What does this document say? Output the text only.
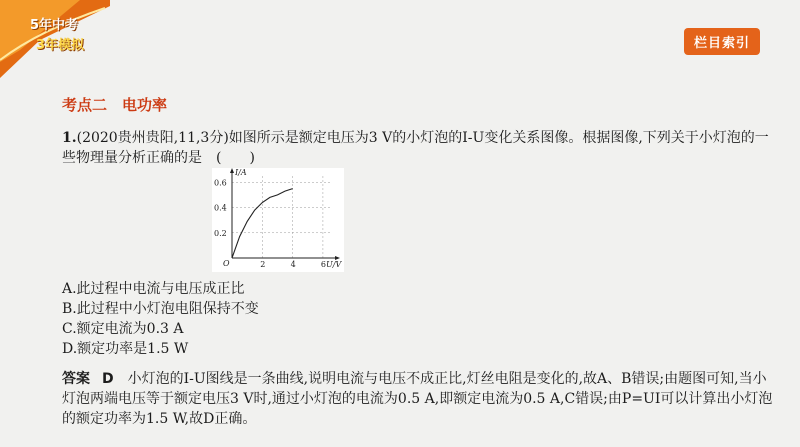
5年中考
3年模拟	栏目索引
考点二　电功率
1.(2020贵州贵阳,11,3分)如图所示是额定电压为3 V的小灯泡的I-U变化关系图像。根据图像,下列关于小灯泡的一些物理量分析正确的是　(　　)
2	4	6
0.2
0.4
0.6
O	U/V
I/A
A.此过程中电流与电压成正比
B.此过程中小灯泡电阻保持不变
C.额定电流为0.3 A
D.额定功率是1.5 W
答案 D 小灯泡的I-U图线是一条曲线,说明电流与电压不成正比,灯丝电阻是变化的,故A、B错误;由题图可知,当小灯泡两端电压等于额定电压3 V时,通过小灯泡的电流为0.5 A,即额定电流为0.5 A,C错误;由P=UI可以计算出小灯泡的额定功率为1.5 W,故D正确。
